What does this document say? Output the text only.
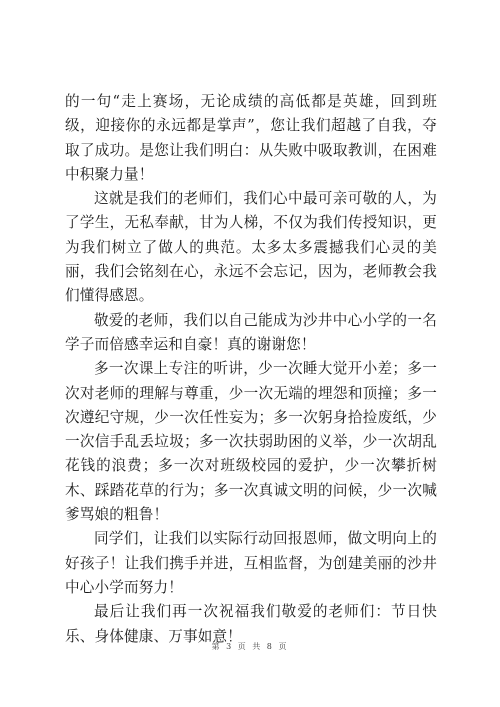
的一句“走上赛场，无论成绩的高低都是英雄，回到班级，迎接你的永远都是掌声”，您让我们超越了自我，夺取了成功。是您让我们明白：从失败中吸取教训，在困难中积聚力量！

这就是我们的老师们，我们心中最可亲可敬的人，为了学生，无私奉献，甘为人梯，不仅为我们传授知识，更为我们树立了做人的典范。太多太多震撼我们心灵的美丽，我们会铭刻在心，永远不会忘记，因为，老师教会我们懂得感恩。

敬爱的老师，我们以自己能成为沙井中心小学的一名学子而倍感幸运和自豪！真的谢谢您！

多一次课上专注的听讲，少一次睡大觉开小差；多一次对老师的理解与尊重，少一次无端的埋怨和顶撞；多一次遵纪守规，少一次任性妄为；多一次躬身拾捡废纸，少一次信手乱丢垃圾；多一次扶弱助困的义举，少一次胡乱花钱的浪费；多一次对班级校园的爱护，少一次攀折树木、踩踏花草的行为；多一次真诚文明的问候，少一次喊爹骂娘的粗鲁！

同学们，让我们以实际行动回报恩师，做文明向上的好孩子！让我们携手并进，互相监督，为创建美丽的沙井中心小学而努力！

最后让我们再一次祝福我们敬爱的老师们：节日快乐、身体健康、万事如意！

第 3 页 共 8 页
